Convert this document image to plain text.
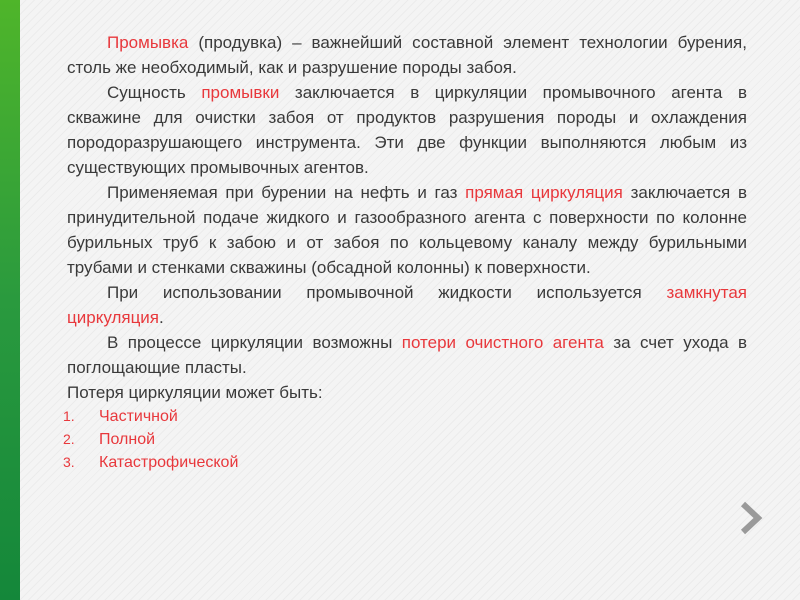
Промывка (продувка) – важнейший составной элемент технологии бурения, столь же необходимый, как и разрушение породы забоя.

Сущность промывки заключается в циркуляции промывочного агента в скважине для очистки забоя от продуктов разрушения породы и охлаждения породоразрушающего инструмента. Эти две функции выполняются любым из существующих промывочных агентов.

Применяемая при бурении на нефть и газ прямая циркуляция заключается в принудительной подаче жидкого и газообразного агента с поверхности по колонне бурильных труб к забою и от забоя по кольцевому каналу между бурильными трубами и стенками скважины (обсадной колонны) к поверхности.

При использовании промывочной жидкости используется замкнутая циркуляция.

В процессе циркуляции возможны потери очистного агента за счет ухода в поглощающие пласты.

Потеря циркуляции может быть:

1. Частичной
2. Полной
3. Катастрофической
